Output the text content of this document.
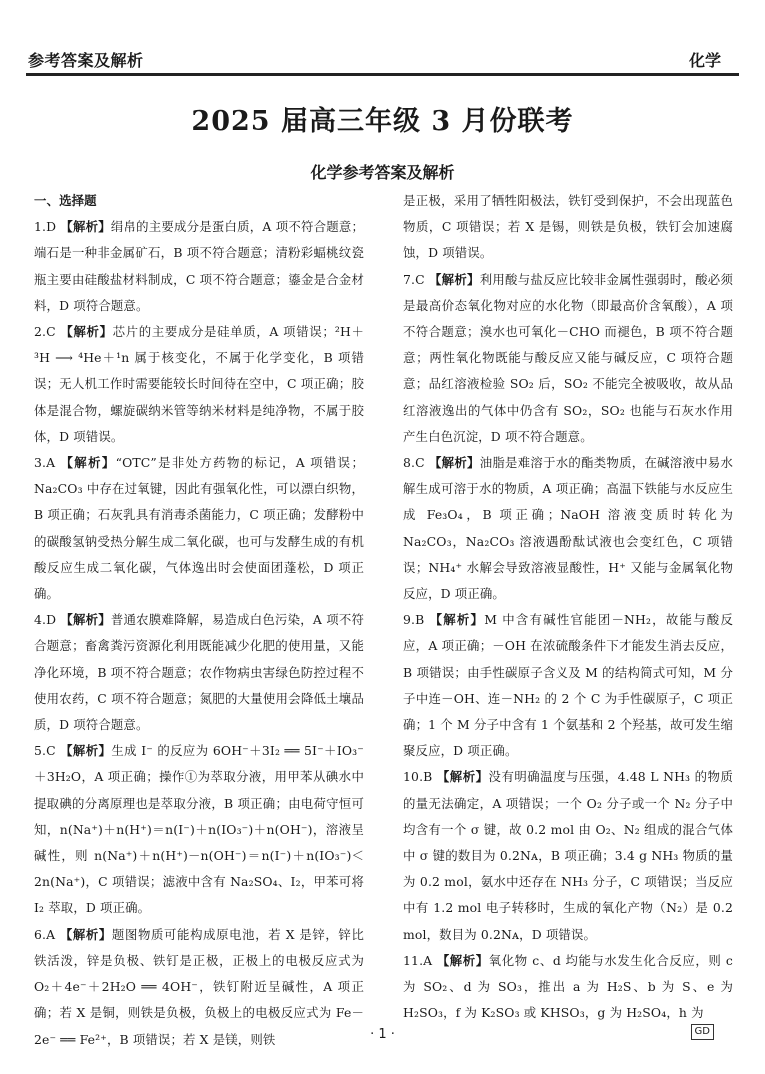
参考答案及解析	化学
2025 届高三年级 3 月份联考
化学参考答案及解析
一、选择题

1.D 【解析】绢帛的主要成分是蛋白质，A 项不符合题意；端石是一种非金属矿石，B 项不符合题意；清粉彩蝠桃纹瓷瓶主要由硅酸盐材料制成，C 项不符合题意；鎏金是合金材料，D 项符合题意。

2.C 【解析】芯片的主要成分是硅单质，A 项错误；²H＋³H ⟶ ⁴He＋¹n 属于核变化，不属于化学变化，B 项错误；无人机工作时需要能较长时间待在空中，C 项正确；胶体是混合物，螺旋碳纳米管等纳米材料是纯净物，不属于胶体，D 项错误。

3.A 【解析】“OTC”是非处方药物的标记，A 项错误；Na₂CO₃ 中存在过氧键，因此有强氧化性，可以漂白织物，B 项正确；石灰乳具有消毒杀菌能力，C 项正确；发酵粉中的碳酸氢钠受热分解生成二氧化碳，也可与发酵生成的有机酸反应生成二氧化碳，气体逸出时会使面团蓬松，D 项正确。

4.D 【解析】普通农膜难降解，易造成白色污染，A 项不符合题意；畜禽粪污资源化利用既能减少化肥的使用量，又能净化环境，B 项不符合题意；农作物病虫害绿色防控过程不使用农药，C 项不符合题意；氮肥的大量使用会降低土壤品质，D 项符合题意。

5.C 【解析】生成 I⁻ 的反应为 6OH⁻＋3I₂ ══ 5I⁻＋IO₃⁻＋3H₂O，A 项正确；操作①为萃取分液，用甲苯从碘水中提取碘的分离原理也是萃取分液，B 项正确；由电荷守恒可知，n(Na⁺)＋n(H⁺)＝n(I⁻)＋n(IO₃⁻)＋n(OH⁻)，溶液呈碱性，则 n(Na⁺)＋n(H⁺)－n(OH⁻)＝n(I⁻)＋n(IO₃⁻)＜2n(Na⁺)，C 项错误；滤液中含有 Na₂SO₄、I₂，甲苯可将 I₂ 萃取，D 项正确。

6.A 【解析】题图物质可能构成原电池，若 X 是锌，锌比铁活泼，锌是负极、铁钉是正极，正极上的电极反应式为 O₂＋4e⁻＋2H₂O ══ 4OH⁻，铁钉附近呈碱性，A 项正确；若 X 是铜，则铁是负极，负极上的电极反应式为 Fe－2e⁻ ══ Fe²⁺，B 项错误；若 X 是镁，则铁

是正极，采用了牺牲阳极法，铁钉受到保护，不会出现蓝色物质，C 项错误；若 X 是锡，则铁是负极，铁钉会加速腐蚀，D 项错误。

7.C 【解析】利用酸与盐反应比较非金属性强弱时，酸必须是最高价态氧化物对应的水化物（即最高价含氧酸），A 项不符合题意；溴水也可氧化－CHO 而褪色，B 项不符合题意；两性氧化物既能与酸反应又能与碱反应，C 项符合题意；品红溶液检验 SO₂ 后，SO₂ 不能完全被吸收，故从品红溶液逸出的气体中仍含有 SO₂，SO₂ 也能与石灰水作用产生白色沉淀，D 项不符合题意。

8.C 【解析】油脂是难溶于水的酯类物质，在碱溶液中易水解生成可溶于水的物质，A 项正确；高温下铁能与水反应生成 Fe₃O₄，B 项正确；NaOH 溶液变质时转化为 Na₂CO₃，Na₂CO₃ 溶液遇酚酞试液也会变红色，C 项错误；NH₄⁺ 水解会导致溶液显酸性，H⁺ 又能与金属氧化物反应，D 项正确。

9.B 【解析】M 中含有碱性官能团－NH₂，故能与酸反应，A 项正确；－OH 在浓硫酸条件下才能发生消去反应，B 项错误；由手性碳原子含义及 M 的结构简式可知，M 分子中连－OH、连－NH₂ 的 2 个 C 为手性碳原子，C 项正确；1 个 M 分子中含有 1 个氨基和 2 个羟基，故可发生缩聚反应，D 项正确。

10.B 【解析】没有明确温度与压强，4.48 L NH₃ 的物质的量无法确定，A 项错误；一个 O₂ 分子或一个 N₂ 分子中均含有一个 σ 键，故 0.2 mol 由 O₂、N₂ 组成的混合气体中 σ 键的数目为 0.2Nᴀ，B 项正确；3.4 g NH₃ 物质的量为 0.2 mol，氨水中还存在 NH₃ 分子，C 项错误；当反应中有 1.2 mol 电子转移时，生成的氧化产物（N₂）是 0.2 mol，数目为 0.2Nᴀ，D 项错误。

11.A 【解析】氧化物 c、d 均能与水发生化合反应，则 c 为 SO₂、d 为 SO₃，推出 a 为 H₂S、b 为 S、e 为 H₂SO₃，f 为 K₂SO₃ 或 KHSO₃，g 为 H₂SO₄，h 为

· 1 ·	GD
